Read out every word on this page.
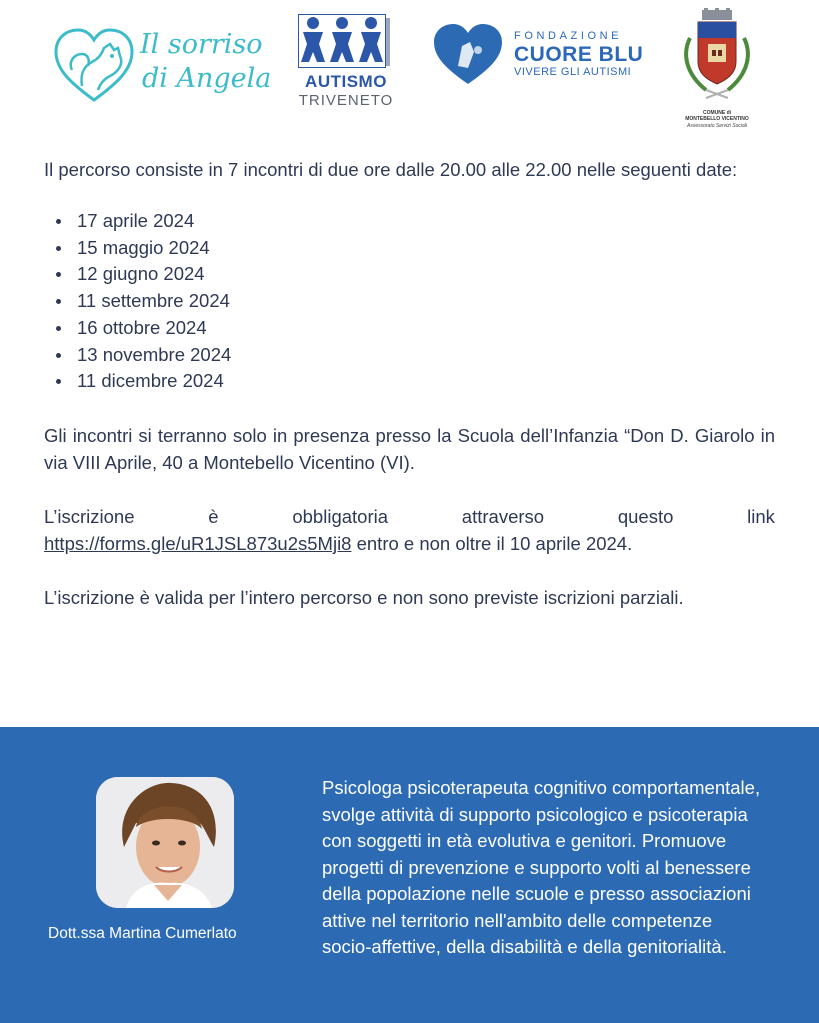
Il sorriso
di Angela	AUTISMO
TRIVENETO
FONDAZIONE
CUORE BLU
VIVERE GLI AUTISMI
COMUNE di
MONTEBELLO VICENTINO
Assessorato Servizi Sociali

Il percorso consiste in 7 incontri di due ore dalle 20.00 alle 22.00 nelle seguenti date:

17 aprile 2024
15 maggio 2024
12 giugno 2024
11 settembre 2024
16 ottobre 2024
13 novembre 2024
11 dicembre 2024

Gli incontri si terranno solo in presenza presso la Scuola dell’Infanzia “Don D. Giarolo in via VIII Aprile, 40 a Montebello Vicentino (VI).

L’iscrizione	è	obbligatoria	attraverso	questo	link
https://forms.gle/uR1JSL873u2s5Mji8 entro e non oltre il 10 aprile 2024.

L’iscrizione è valida per l’intero percorso e non sono previste iscrizioni parziali.

Dott.ssa Martina Cumerlato

Psicologa psicoterapeuta cognitivo comportamentale, svolge attività di supporto psicologico e psicoterapia con soggetti in età evolutiva e genitori. Promuove progetti di prevenzione e supporto volti al benessere della popolazione nelle scuole e presso associazioni attive nel territorio nell'ambito delle competenze socio-affettive, della disabilità e della genitorialità.
